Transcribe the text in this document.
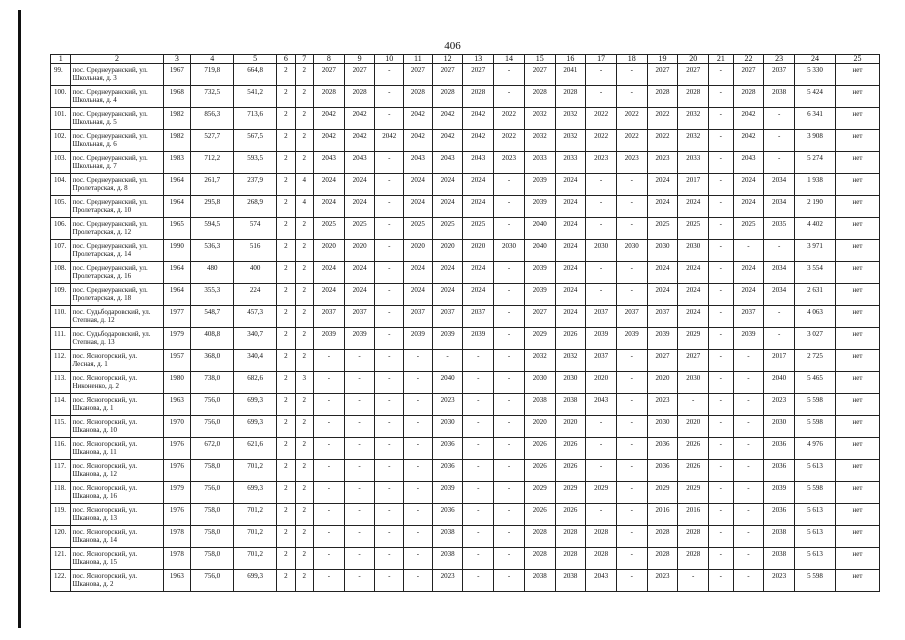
406
1	2	3	4	5	6	7	8	9	10	11	12	13	14	15	16	17	18	19	20	21	22	23	24	25
99.	пос. Среднеуранский, ул. Школьная, д. 3	1967	719,8	664,8	2	2	2027	2027	-	2027	2027	2027	-	2027	2041	-	-	2027	2027	-	2027	2037	5 330	нет
100.	пос. Среднеуранский, ул. Школьная, д. 4	1968	732,5	541,2	2	2	2028	2028	-	2028	2028	2028	-	2028	2028	-	-	2028	2028	-	2028	2038	5 424	нет
101.	пос. Среднеуранский, ул. Школьная, д. 5	1982	856,3	713,6	2	2	2042	2042	-	2042	2042	2042	2022	2032	2032	2022	2022	2022	2032	-	2042	-	6 341	нет
102.	пос. Среднеуранский, ул. Школьная, д. 6	1982	527,7	567,5	2	2	2042	2042	2042	2042	2042	2042	2022	2032	2032	2022	2022	2022	2032	-	2042	-	3 908	нет
103.	пос. Среднеуранский, ул. Школьная, д. 7	1983	712,2	593,5	2	2	2043	2043	-	2043	2043	2043	2023	2033	2033	2023	2023	2023	2033	-	2043	-	5 274	нет
104.	пос. Среднеуранский, ул. Пролетарская, д. 8	1964	261,7	237,9	2	4	2024	2024	-	2024	2024	2024	-	2039	2024	-	-	2024	2017	-	2024	2034	1 938	нет
105.	пос. Среднеуранский, ул. Пролетарская, д. 10	1964	295,8	268,9	2	4	2024	2024	-	2024	2024	2024	-	2039	2024	-	-	2024	2024	-	2024	2034	2 190	нет
106.	пос. Среднеуранский, ул. Пролетарская, д. 12	1965	594,5	574	2	2	2025	2025	-	2025	2025	2025	-	2040	2024	-	-	2025	2025	-	2025	2035	4 402	нет
107.	пос. Среднеуранский, ул. Пролетарская, д. 14	1990	536,3	516	2	2	2020	2020	-	2020	2020	2020	2030	2040	2024	2030	2030	2030	2030	-	-	-	3 971	нет
108.	пос. Среднеуранский, ул. Пролетарская, д. 16	1964	480	400	2	2	2024	2024	-	2024	2024	2024	-	2039	2024	-	-	2024	2024	-	2024	2034	3 554	нет
109.	пос. Среднеуранский, ул. Пролетарская, д. 18	1964	355,3	224	2	2	2024	2024	-	2024	2024	2024	-	2039	2024	-	-	2024	2024	-	2024	2034	2 631	нет
110.	пос. Судьбодаровский, ул. Степная, д. 12	1977	548,7	457,3	2	2	2037	2037	-	2037	2037	2037	-	2027	2024	2037	2037	2037	2024	-	2037	-	4 063	нет
111.	пос. Судьбодаровский, ул. Степная, д. 13	1979	408,8	340,7	2	2	2039	2039	-	2039	2039	2039	-	2029	2026	2039	2039	2039	2029	-	2039	-	3 027	нет
112.	пос. Ясногорский, ул. Лесная, д. 1	1957	368,0	340,4	2	2	-	-	-	-	-	-	-	2032	2032	2037	-	2027	2027	-	-	2017	2 725	нет
113.	пос. Ясногорский, ул. Никоненко, д. 2	1980	738,0	682,6	2	3	-	-	-	-	2040	-	-	2030	2030	2020	-	2020	2030	-	-	2040	5 465	нет
114.	пос. Ясногорский, ул. Шканова, д. 1	1963	756,0	699,3	2	2	-	-	-	-	2023	-	-	2038	2038	2043	-	2023	-	-	-	2023	5 598	нет
115.	пос. Ясногорский, ул. Шканова, д. 10	1970	756,0	699,3	2	2	-	-	-	-	2030	-	-	2020	2020	-	-	2030	2020	-	-	2030	5 598	нет
116.	пос. Ясногорский, ул. Шканова, д. 11	1976	672,0	621,6	2	2	-	-	-	-	2036	-	-	2026	2026	-	-	2036	2026	-	-	2036	4 976	нет
117.	пос. Ясногорский, ул. Шканова, д. 12	1976	758,0	701,2	2	2	-	-	-	-	2036	-	-	2026	2026	-	-	2036	2026	-	-	2036	5 613	нет
118.	пос. Ясногорский, ул. Шканова, д. 16	1979	756,0	699,3	2	2	-	-	-	-	2039	-	-	2029	2029	2029	-	2029	2029	-	-	2039	5 598	нет
119.	пос. Ясногорский, ул. Шканова, д. 13	1976	758,0	701,2	2	2	-	-	-	-	2036	-	-	2026	2026	-	-	2016	2016	-	-	2036	5 613	нет
120.	пос. Ясногорский, ул. Шканова, д. 14	1978	758,0	701,2	2	2	-	-	-	-	2038	-	-	2028	2028	2028	-	2028	2028	-	-	2038	5 613	нет
121.	пос. Ясногорский, ул. Шканова, д. 15	1978	758,0	701,2	2	2	-	-	-	-	2038	-	-	2028	2028	2028	-	2028	2028	-	-	2038	5 613	нет
122.	пос. Ясногорский, ул. Шканова, д. 2	1963	756,0	699,3	2	2	-	-	-	-	2023	-	-	2038	2038	2043	-	2023	-	-	-	2023	5 598	нет
